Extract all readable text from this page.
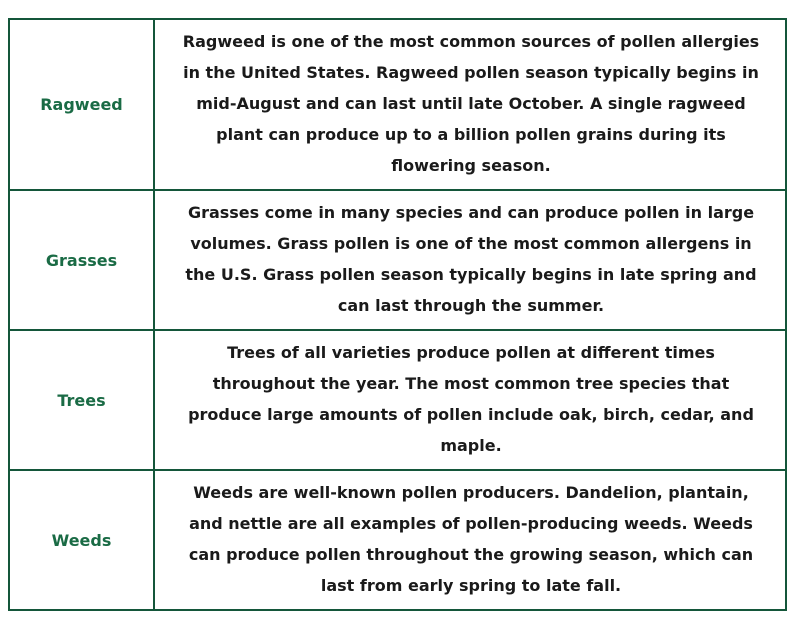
Ragweed	Ragweed is one of the most common sources of pollen allergies in the United States. Ragweed pollen season typically begins in mid-August and can last until late October. A single ragweed plant can produce up to a billion pollen grains during its flowering season.
Grasses	Grasses come in many species and can produce pollen in large volumes. Grass pollen is one of the most common allergens in the U.S. Grass pollen season typically begins in late spring and can last through the summer.
Trees	Trees of all varieties produce pollen at different times throughout the year. The most common tree species that produce large amounts of pollen include oak, birch, cedar, and maple.
Weeds	Weeds are well-known pollen producers. Dandelion, plantain, and nettle are all examples of pollen-producing weeds. Weeds can produce pollen throughout the growing season, which can last from early spring to late fall.
